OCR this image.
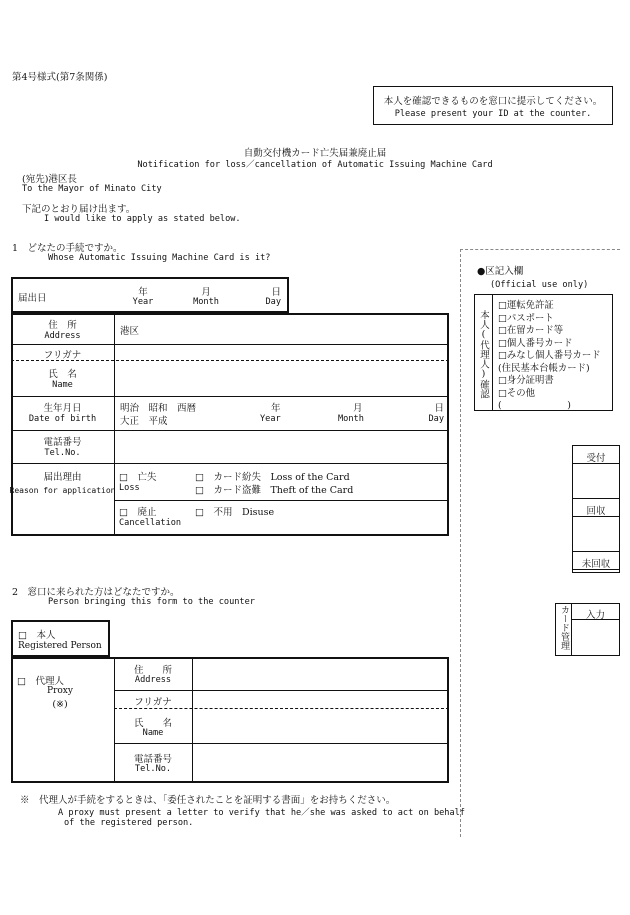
第4号様式(第7条関係)
本人を確認できるものを窓口に提示してください。
Please present your ID at the counter.
自動交付機カード亡失届兼廃止届
Notification for loss／cancellation of Automatic Issuing Machine Card
(宛先)港区長
To the Mayor of Minato City
下記のとおり届け出ます。
I would like to apply as stated below.
1　どなたの手続ですか。
Whose Automatic Issuing Machine Card is it?
届出日
年
Year
月
Month
日
Day
住　所
Address	港区
フリガナ
氏　名
Name
生年月日
Date of birth
明治　昭和　西暦
大正　平成
年
Year
月
Month
日
Day
電話番号
Tel.No.
届出理由
Reason for application
□　亡失
Loss
□　カード紛失　Loss of the Card
□　カード盗難　Theft of the Card
□　廃止
Cancellation
□　不用　Disuse
2　窓口に来られた方はどなたですか。
Person bringing this form to the counter
□　本人
Registered Person
□　代理人
Proxy
(※)
住　　所
Address
フリガナ
氏　　名
Name
電話番号
Tel.No.
※　代理人が手続をするときは、「委任されたことを証明する書面」をお持ちください。
A proxy must present a letter to verify that he／she was asked to act on behalf
of the registered person.
●区記入欄
(Official use only)
本人(代理人)確認
□運転免許証
□パスポート
□在留カード等
□個人番号カード
□みなし個人番号カード
(住民基本台帳カード)
□身分証明書
□その他
(　　　　　　　)
受付
回収
未回収
カード管理	入力
